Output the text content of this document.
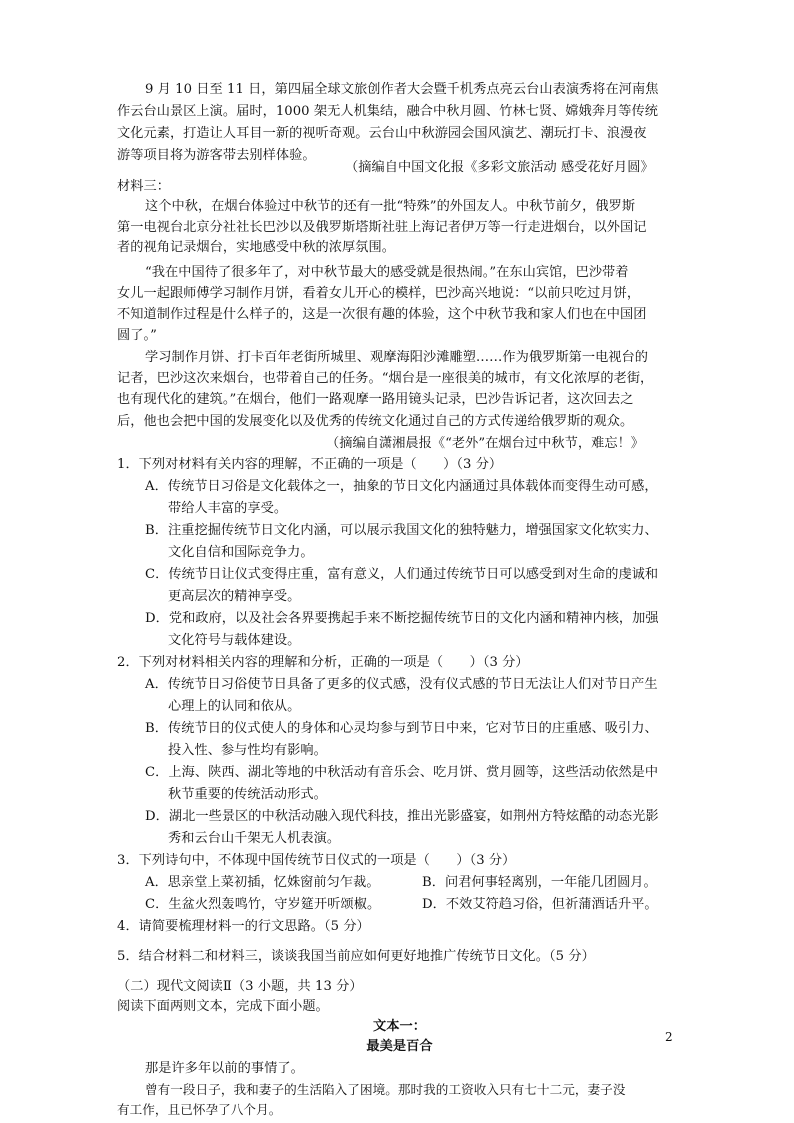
9 月 10 日至 11 日，第四届全球文旅创作者大会暨千机秀点亮云台山表演秀将在河南焦
作云台山景区上演。届时，1000 架无人机集结，融合中秋月圆、竹林七贤、嫦娥奔月等传统
文化元素，打造让人耳目一新的视听奇观。云台山中秋游园会国风演艺、潮玩打卡、浪漫夜
游等项目将为游客带去别样体验。
（摘编自中国文化报《多彩文旅活动 感受花好月圆》
材料三：
这个中秋，在烟台体验过中秋节的还有一批“特殊”的外国友人。中秋节前夕，俄罗斯
第一电视台北京分社社长巴沙以及俄罗斯塔斯社驻上海记者伊万等一行走进烟台，以外国记
者的视角记录烟台，实地感受中秋的浓厚氛围。
“我在中国待了很多年了，对中秋节最大的感受就是很热闹。”在东山宾馆，巴沙带着
女儿一起跟师傅学习制作月饼，看着女儿开心的模样，巴沙高兴地说：“以前只吃过月饼，
不知道制作过程是什么样子的，这是一次很有趣的体验，这个中秋节我和家人们也在中国团
圆了。”
学习制作月饼、打卡百年老街所城里、观摩海阳沙滩雕塑……作为俄罗斯第一电视台的
记者，巴沙这次来烟台，也带着自己的任务。“烟台是一座很美的城市，有文化浓厚的老街，
也有现代化的建筑。”在烟台，他们一路观摩一路用镜头记录，巴沙告诉记者，这次回去之
后，他也会把中国的发展变化以及优秀的传统文化通过自己的方式传递给俄罗斯的观众。
（摘编自潇湘晨报《“老外”在烟台过中秋节，难忘！》
1．下列对材料有关内容的理解，不正确的一项是（　　）（3 分）
A．传统节日习俗是文化载体之一，抽象的节日文化内涵通过具体载体而变得生动可感，
带给人丰富的享受。
B．注重挖掘传统节日文化内涵，可以展示我国文化的独特魅力，增强国家文化软实力、
文化自信和国际竞争力。
C．传统节日让仪式变得庄重，富有意义，人们通过传统节日可以感受到对生命的虔诚和
更高层次的精神享受。
D．党和政府，以及社会各界要携起手来不断挖掘传统节日的文化内涵和精神内核，加强
文化符号与载体建设。
2．下列对材料相关内容的理解和分析，正确的一项是（　　）（3 分）
A．传统节日习俗使节日具备了更多的仪式感，没有仪式感的节日无法让人们对节日产生
心理上的认同和依从。
B．传统节日的仪式使人的身体和心灵均参与到节日中来，它对节日的庄重感、吸引力、
投入性、参与性均有影响。
C．上海、陕西、湖北等地的中秋活动有音乐会、吃月饼、赏月圆等，这些活动依然是中
秋节重要的传统活动形式。
D．湖北一些景区的中秋活动融入现代科技，推出光影盛宴，如荆州方特炫酷的动态光影
秀和云台山千架无人机表演。
3．下列诗句中，不体现中国传统节日仪式的一项是（　　）（3 分）
A．思亲堂上菜初插，忆姝窗前匀乍裁。	B．问君何事轻离别，一年能几团圆月。
C．生盆火烈轰鸣竹，守岁筵开听颂椒。	D．不效艾符趋习俗，但祈蒲酒话升平。
4．请简要梳理材料一的行文思路。（5 分）
5．结合材料二和材料三，谈谈我国当前应如何更好地推广传统节日文化。（5 分）
（二）现代文阅读Ⅱ（3 小题，共 13 分）
阅读下面两则文本，完成下面小题。
文本一：
最美是百合
那是许多年以前的事情了。
曾有一段日子，我和妻子的生活陷入了困境。那时我的工资收入只有七十二元，妻子没
有工作，且已怀孕了八个月。
2
